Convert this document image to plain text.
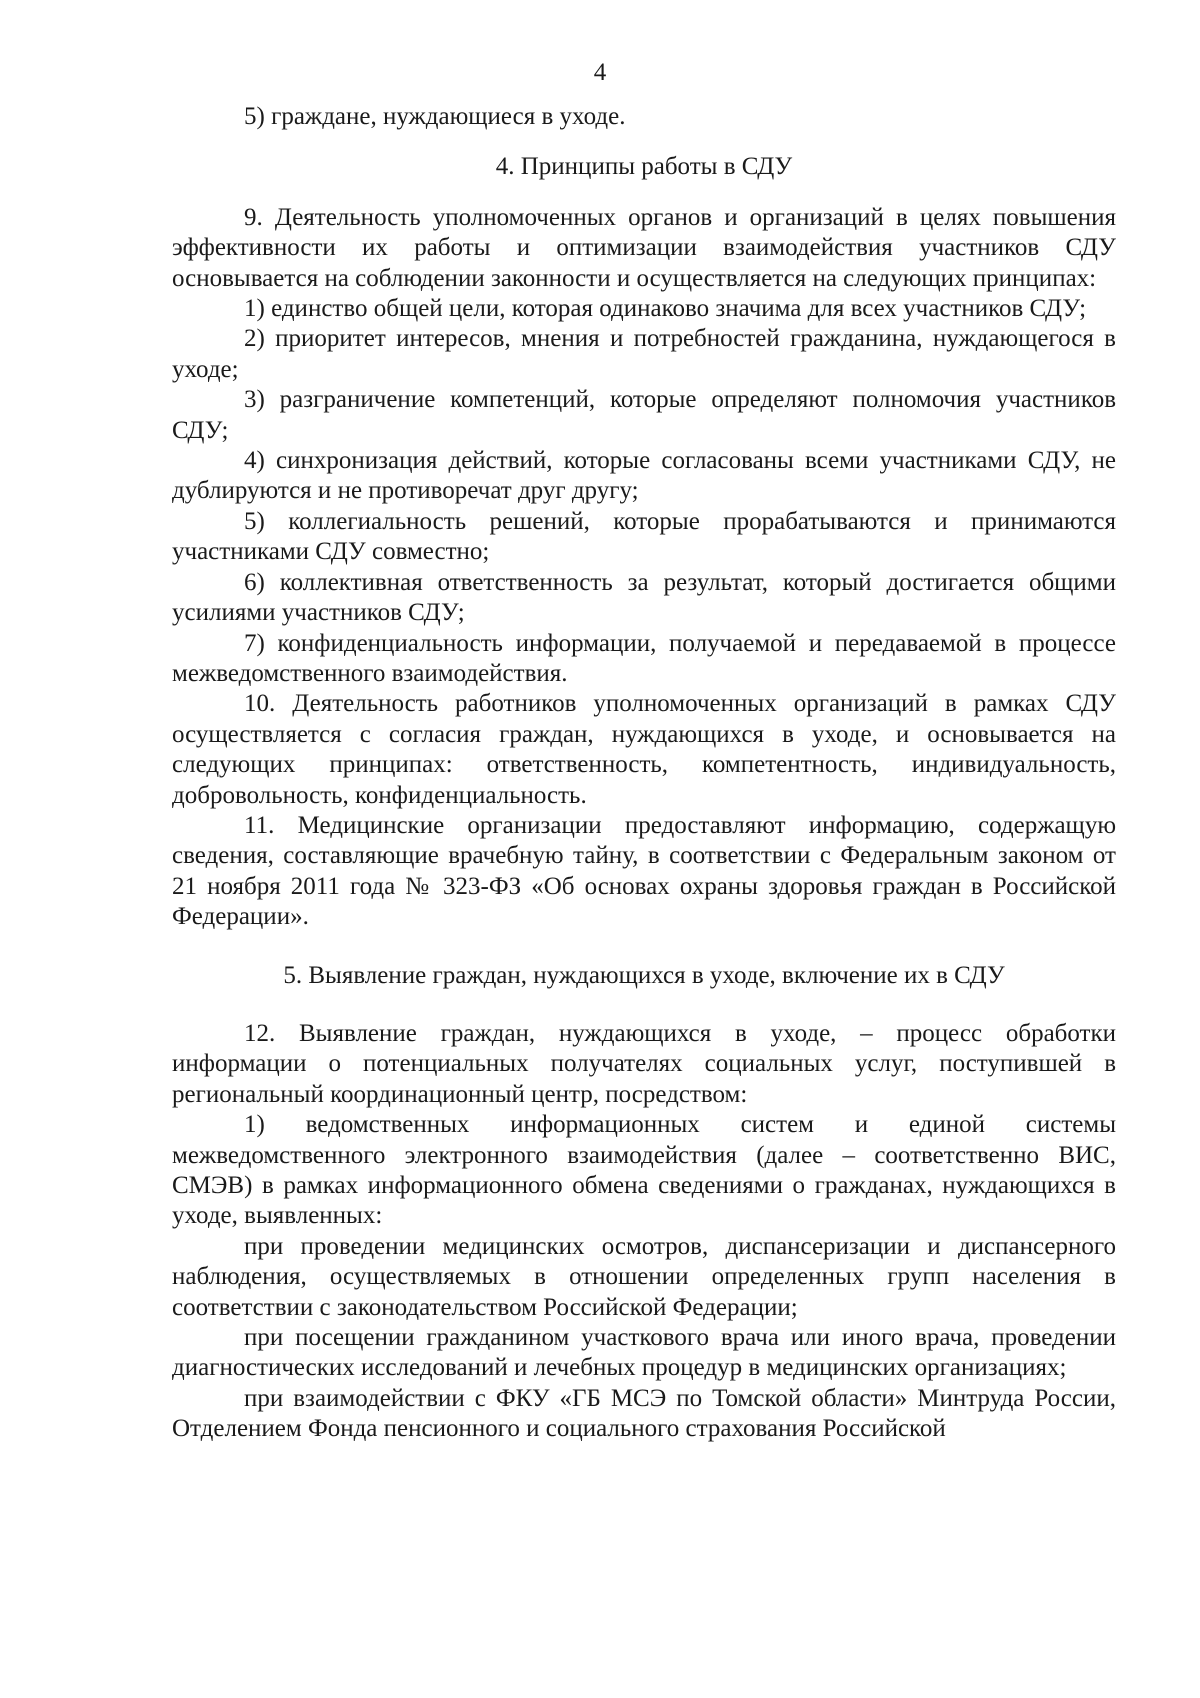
4

5) граждане, нуждающиеся в уходе.

4. Принципы работы в СДУ

9. Деятельность уполномоченных органов и организаций в целях повышения эффективности их работы и оптимизации взаимодействия участников СДУ основывается на соблюдении законности и осуществляется на следующих принципах:

1) единство общей цели, которая одинаково значима для всех участников СДУ;

2) приоритет интересов, мнения и потребностей гражданина, нуждающегося в уходе;

3) разграничение компетенций, которые определяют полномочия участников СДУ;

4) синхронизация действий, которые согласованы всеми участниками СДУ, не дублируются и не противоречат друг другу;

5) коллегиальность решений, которые прорабатываются и принимаются участниками СДУ совместно;

6) коллективная ответственность за результат, который достигается общими усилиями участников СДУ;

7) конфиденциальность информации, получаемой и передаваемой в процессе межведомственного взаимодействия.

10. Деятельность работников уполномоченных организаций в рамках СДУ осуществляется с согласия граждан, нуждающихся в уходе, и основывается на следующих принципах: ответственность, компетентность, индивидуальность, добровольность, конфиденциальность.

11. Медицинские организации предоставляют информацию, содержащую сведения, составляющие врачебную тайну, в соответствии с Федеральным законом от 21 ноября 2011 года № 323-ФЗ «Об основах охраны здоровья граждан в Российской Федерации».

5. Выявление граждан, нуждающихся в уходе, включение их в СДУ

12. Выявление граждан, нуждающихся в уходе, – процесс обработки информации о потенциальных получателях социальных услуг, поступившей в региональный координационный центр, посредством:

1) ведомственных информационных систем и единой системы межведомственного электронного взаимодействия (далее – соответственно ВИС, СМЭВ) в рамках информационного обмена сведениями о гражданах, нуждающихся в уходе, выявленных:

при проведении медицинских осмотров, диспансеризации и диспансерного наблюдения, осуществляемых в отношении определенных групп населения в соответствии с законодательством Российской Федерации;

при посещении гражданином участкового врача или иного врача, проведении диагностических исследований и лечебных процедур в медицинских организациях;

при взаимодействии с ФКУ «ГБ МСЭ по Томской области» Минтруда России, Отделением Фонда пенсионного и социального страхования Российской
